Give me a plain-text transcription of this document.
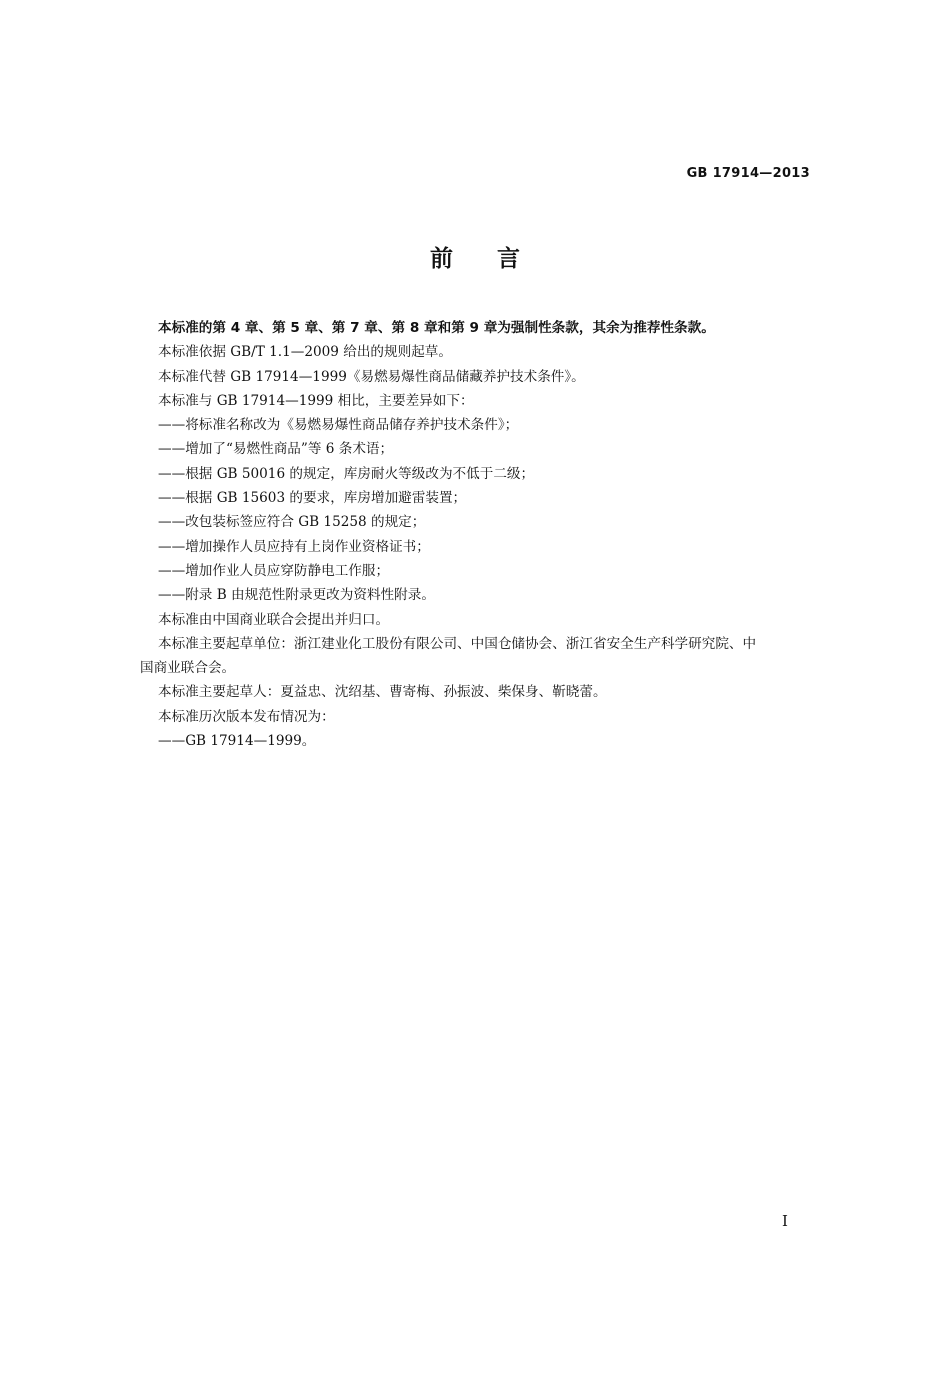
GB 17914—2013
前言

本标准的第 4 章、第 5 章、第 7 章、第 8 章和第 9 章为强制性条款，其余为推荐性条款。

本标准依据 GB/T 1.1—2009 给出的规则起草。

本标准代替 GB 17914—1999《易燃易爆性商品储藏养护技术条件》。

本标准与 GB 17914—1999 相比，主要差异如下：

——将标准名称改为《易燃易爆性商品储存养护技术条件》；

——增加了“易燃性商品”等 6 条术语；

——根据 GB 50016 的规定，库房耐火等级改为不低于二级；

——根据 GB 15603 的要求，库房增加避雷装置；

——改包装标签应符合 GB 15258 的规定；

——增加操作人员应持有上岗作业资格证书；

——增加作业人员应穿防静电工作服；

——附录 B 由规范性附录更改为资料性附录。

本标准由中国商业联合会提出并归口。

本标准主要起草单位：浙江建业化工股份有限公司、中国仓储协会、浙江省安全生产科学研究院、中

国商业联合会。

本标准主要起草人：夏益忠、沈绍基、曹寄梅、孙振波、柴保身、靳晓蕾。

本标准历次版本发布情况为：

——GB 17914—1999。

I
